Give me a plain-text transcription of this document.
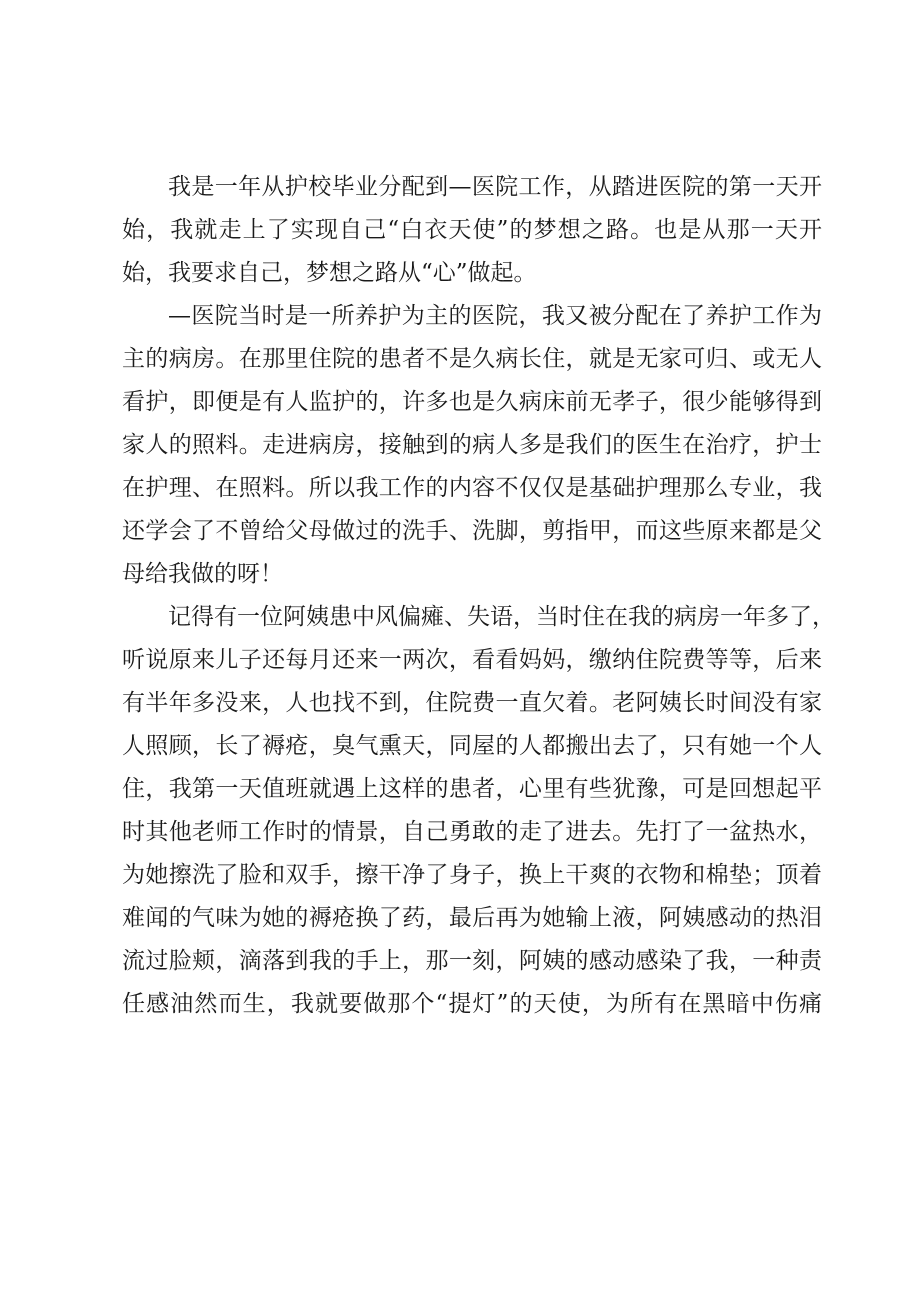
我是一年从护校毕业分配到—医院工作，从踏进医院的第一天开
始，我就走上了实现自己“白衣天使”的梦想之路。也是从那一天开
始，我要求自己，梦想之路从“心”做起。
—医院当时是一所养护为主的医院，我又被分配在了养护工作为
主的病房。在那里住院的患者不是久病长住，就是无家可归、或无人
看护，即便是有人监护的，许多也是久病床前无孝子，很少能够得到
家人的照料。走进病房，接触到的病人多是我们的医生在治疗，护士
在护理、在照料。所以我工作的内容不仅仅是基础护理那么专业，我
还学会了不曾给父母做过的洗手、洗脚，剪指甲，而这些原来都是父
母给我做的呀！
记得有一位阿姨患中风偏瘫、失语，当时住在我的病房一年多了，
听说原来儿子还每月还来一两次，看看妈妈，缴纳住院费等等，后来
有半年多没来，人也找不到，住院费一直欠着。老阿姨长时间没有家
人照顾，长了褥疮，臭气熏天，同屋的人都搬出去了，只有她一个人
住，我第一天值班就遇上这样的患者，心里有些犹豫，可是回想起平
时其他老师工作时的情景，自己勇敢的走了进去。先打了一盆热水，
为她擦洗了脸和双手，擦干净了身子，换上干爽的衣物和棉垫；顶着
难闻的气味为她的褥疮换了药，最后再为她输上液，阿姨感动的热泪
流过脸颊，滴落到我的手上，那一刻，阿姨的感动感染了我，一种责
任感油然而生，我就要做那个“提灯”的天使，为所有在黑暗中伤痛
